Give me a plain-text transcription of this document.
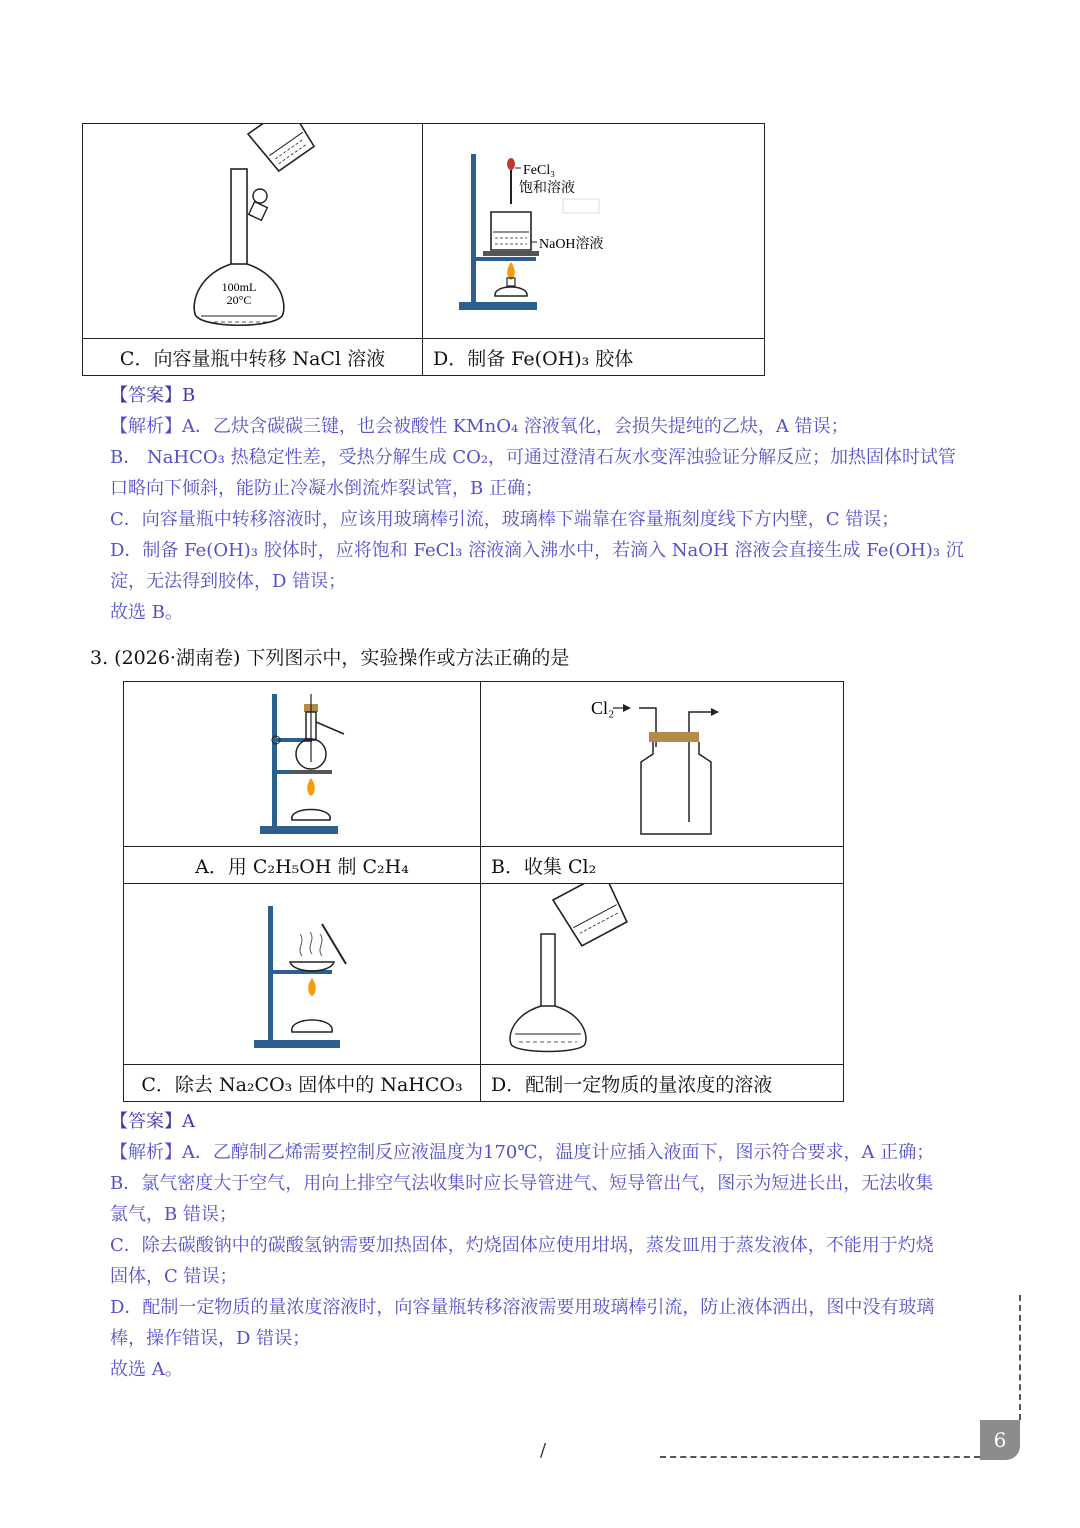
100mL
20°C	FeCl₃
饱和溶液
NaOH溶液

C．向容量瓶中转移 NaCl 溶液	D．制备 Fe(OH)₃ 胶体
【答案】B
【解析】A．乙炔含碳碳三键，也会被酸性 KMnO₄ 溶液氧化，会损失提纯的乙炔，A 错误；
B． NaHCO₃ 热稳定性差，受热分解生成 CO₂，可通过澄清石灰水变浑浊验证分解反应；加热固体时试管
口略向下倾斜，能防止冷凝水倒流炸裂试管，B 正确；
C．向容量瓶中转移溶液时，应该用玻璃棒引流，玻璃棒下端靠在容量瓶刻度线下方内壁，C 错误；
D．制备 Fe(OH)₃ 胶体时，应将饱和 FeCl₃ 溶液滴入沸水中，若滴入 NaOH 溶液会直接生成 Fe(OH)₃ 沉
淀，无法得到胶体，D 错误；
故选 B。
3. (2026·湖南卷) 下列图示中，实验操作或方法正确的是

Cl₂

A．用 C₂H₅OH 制 C₂H₄	B．收集 Cl₂

C．除去 Na₂CO₃ 固体中的 NaHCO₃	D．配制一定物质的量浓度的溶液
【答案】A
【解析】A．乙醇制乙烯需要控制反应液温度为170℃，温度计应插入液面下，图示符合要求，A 正确；
B．氯气密度大于空气，用向上排空气法收集时应长导管进气、短导管出气，图示为短进长出，无法收集
氯气，B 错误；
C．除去碳酸钠中的碳酸氢钠需要加热固体，灼烧固体应使用坩埚，蒸发皿用于蒸发液体，不能用于灼烧
固体，C 错误；
D．配制一定物质的量浓度溶液时，向容量瓶转移溶液需要用玻璃棒引流，防止液体洒出，图中没有玻璃
棒，操作错误，D 错误；
故选 A。
/	6
